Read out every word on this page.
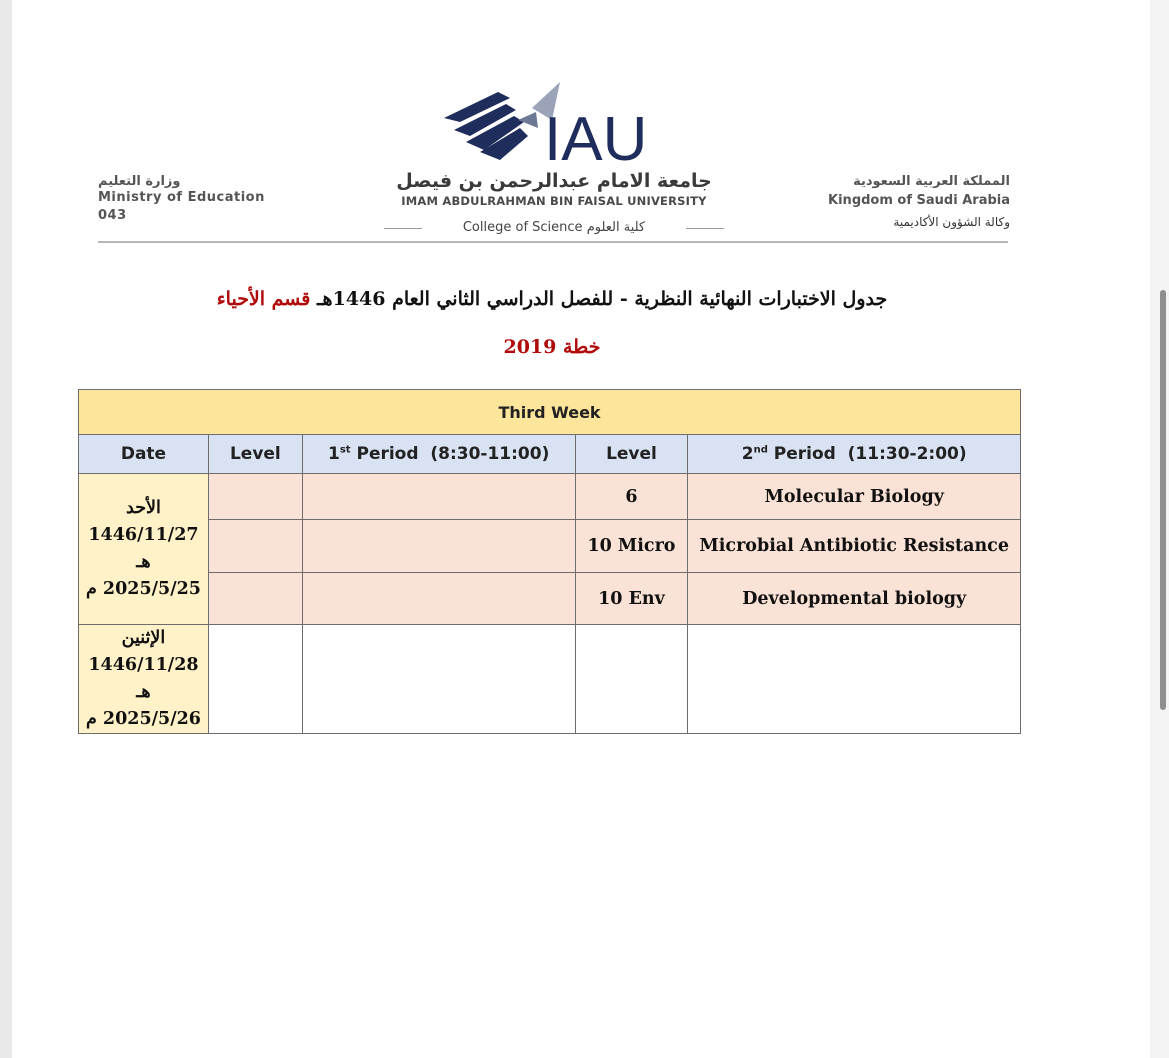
وزارة التعليم
Ministry of Education
043
IAU
جامعة الامام عبدالرحمن بن فيصل
IMAM ABDULRAHMAN BIN FAISAL UNIVERSITY
College of Science كلية العلوم
المملكة العربية السعودية
Kingdom of Saudi Arabia
وكالة الشؤون الأكاديمية
جدول الاختبارات النهائية النظرية - للفصل الدراسي الثاني العام 1446هـ قسم الأحياء
خطة 2019
Third Week				
Date	Level	1st Period  (8:30-11:00)	Level	2nd Period  (11:30-2:00)

الأحد
1446/11/27 هـ
2025/5/25 م			6	Molecular Biology
			10 Micro	Microbial Antibiotic Resistance
			10 Env	Developmental biology

الإثنين
1446/11/28 هـ
2025/5/26 م				
